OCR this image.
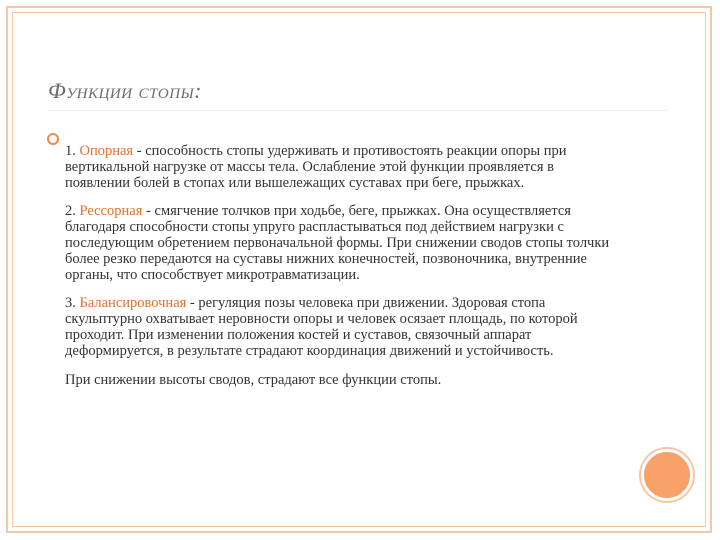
Функции стопы:

1. Опорная - способность стопы удерживать и противостоять реакции опоры при вертикальной нагрузке от массы тела. Ослабление этой функции проявляется в появлении болей в стопах или вышележащих суставах при беге, прыжках.

2. Рессорная - смягчение толчков при ходьбе, беге, прыжках. Она осуществляется благодаря способности стопы упруго распластываться под действием нагрузки с последующим обретением первоначальной формы. При снижении сводов стопы толчки более резко передаются на суставы нижних конечностей, позвоночника, внутренние органы, что способствует микротравматизации.

3. Балансировочная - регуляция позы человека при движении. Здоровая стопа скульптурно охватывает неровности опоры и человек осязает площадь, по которой проходит. При изменении положения костей и суставов, связочный аппарат деформируется, в результате страдают координация движений и устойчивость.

При снижении высоты сводов, страдают все функции стопы.
